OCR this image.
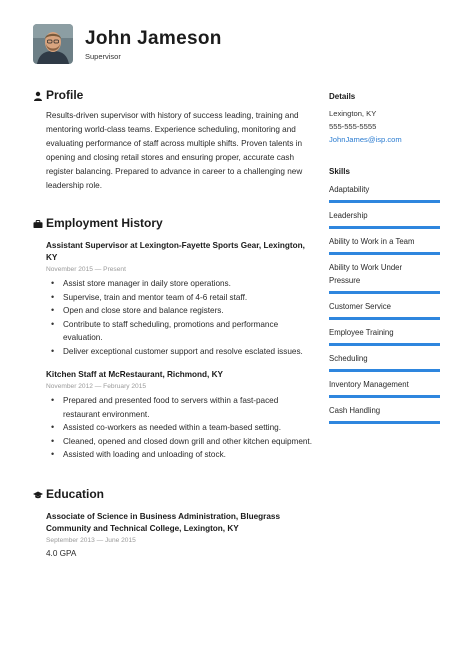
John Jameson
Supervisor
Profile
Results-driven supervisor with history of success leading, training and mentoring world-class teams. Experience scheduling, monitoring and evaluating performance of staff across multiple shifts. Proven talents in opening and closing retail stores and ensuring proper, accurate cash register balancing. Prepared to advance in career to a challenging new leadership role.
Employment History
Assistant Supervisor at Lexington-Fayette Sports Gear, Lexington, KY
November 2015 — Present
• Assist store manager in daily store operations.
• Supervise, train and mentor team of 4-6 retail staff.
• Open and close store and balance registers.
• Contribute to staff scheduling, promotions and performance evaluation.
• Deliver exceptional customer support and resolve esclated issues.
Kitchen Staff at McRestaurant, Richmond, KY
November 2012 — February 2015
• Prepared and presented food to servers within a fast-paced restaurant environment.
• Assisted co-workers as needed within a team-based setting.
• Cleaned, opened and closed down grill and other kitchen equipment.
• Assisted with loading and unloading of stock.
Education
Associate of Science in Business Administration, Bluegrass Community and Technical College, Lexington, KY
September 2013 — June 2015
4.0 GPA
Details
Lexington, KY
555-555-5555
JohnJames@isp.com
Skills
Adaptability
Leadership
Ability to Work in a Team
Ability to Work Under Pressure
Customer Service
Employee Training
Scheduling
Inventory Management
Cash Handling
